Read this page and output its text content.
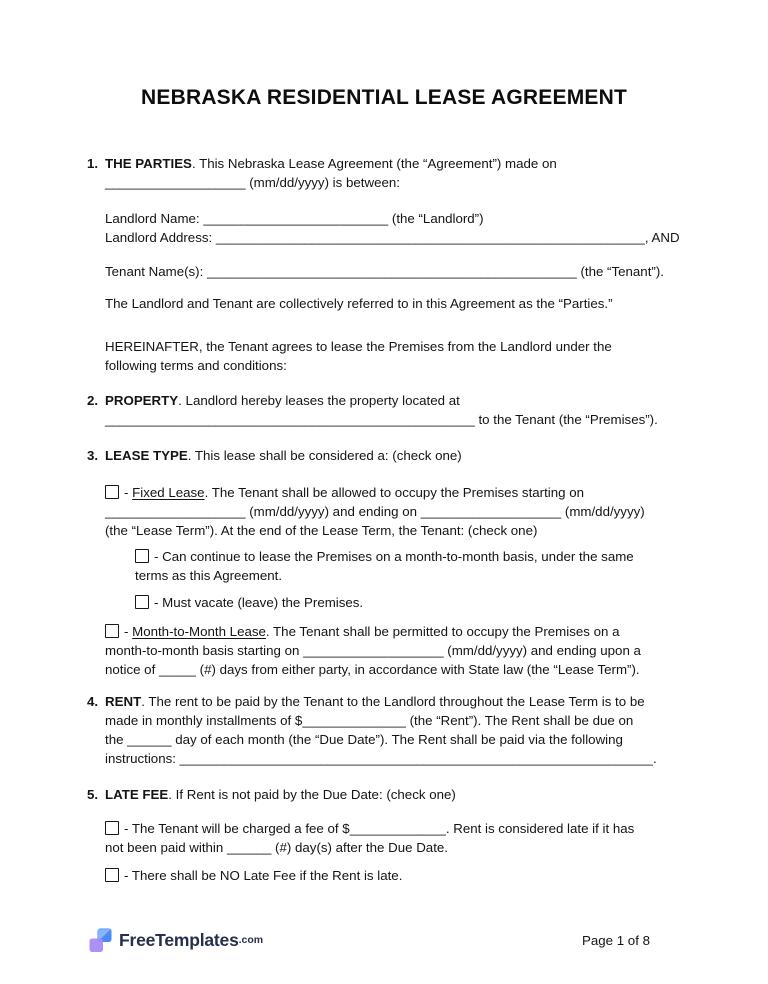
NEBRASKA RESIDENTIAL LEASE AGREEMENT
1. THE PARTIES. This Nebraska Lease Agreement (the “Agreement”) made on
___________________ (mm/dd/yyyy) is between:
Landlord Name: _________________________ (the “Landlord”)
Landlord Address: __________________________________________________________, AND
Tenant Name(s): __________________________________________________ (the “Tenant”).
The Landlord and Tenant are collectively referred to in this Agreement as the “Parties.”
HEREINAFTER, the Tenant agrees to lease the Premises from the Landlord under the
following terms and conditions:
2. PROPERTY. Landlord hereby leases the property located at
__________________________________________________ to the Tenant (the “Premises”).
3. LEASE TYPE. This lease shall be considered a: (check one)
- Fixed Lease. The Tenant shall be allowed to occupy the Premises starting on
___________________ (mm/dd/yyyy) and ending on ___________________ (mm/dd/yyyy)
(the “Lease Term”). At the end of the Lease Term, the Tenant: (check one)
- Can continue to lease the Premises on a month-to-month basis, under the same
terms as this Agreement.
- Must vacate (leave) the Premises.
- Month-to-Month Lease. The Tenant shall be permitted to occupy the Premises on a
month-to-month basis starting on ___________________ (mm/dd/yyyy) and ending upon a
notice of _____ (#) days from either party, in accordance with State law (the “Lease Term”).
4. RENT. The rent to be paid by the Tenant to the Landlord throughout the Lease Term is to be
made in monthly installments of $______________ (the “Rent”). The Rent shall be due on
the ______ day of each month (the “Due Date”). The Rent shall be paid via the following
instructions: ________________________________________________________________.
5. LATE FEE. If Rent is not paid by the Due Date: (check one)
- The Tenant will be charged a fee of $_____________. Rent is considered late if it has
not been paid within ______ (#) day(s) after the Due Date.
- There shall be NO Late Fee if the Rent is late.
FreeTemplates .com	Page 1 of 8
